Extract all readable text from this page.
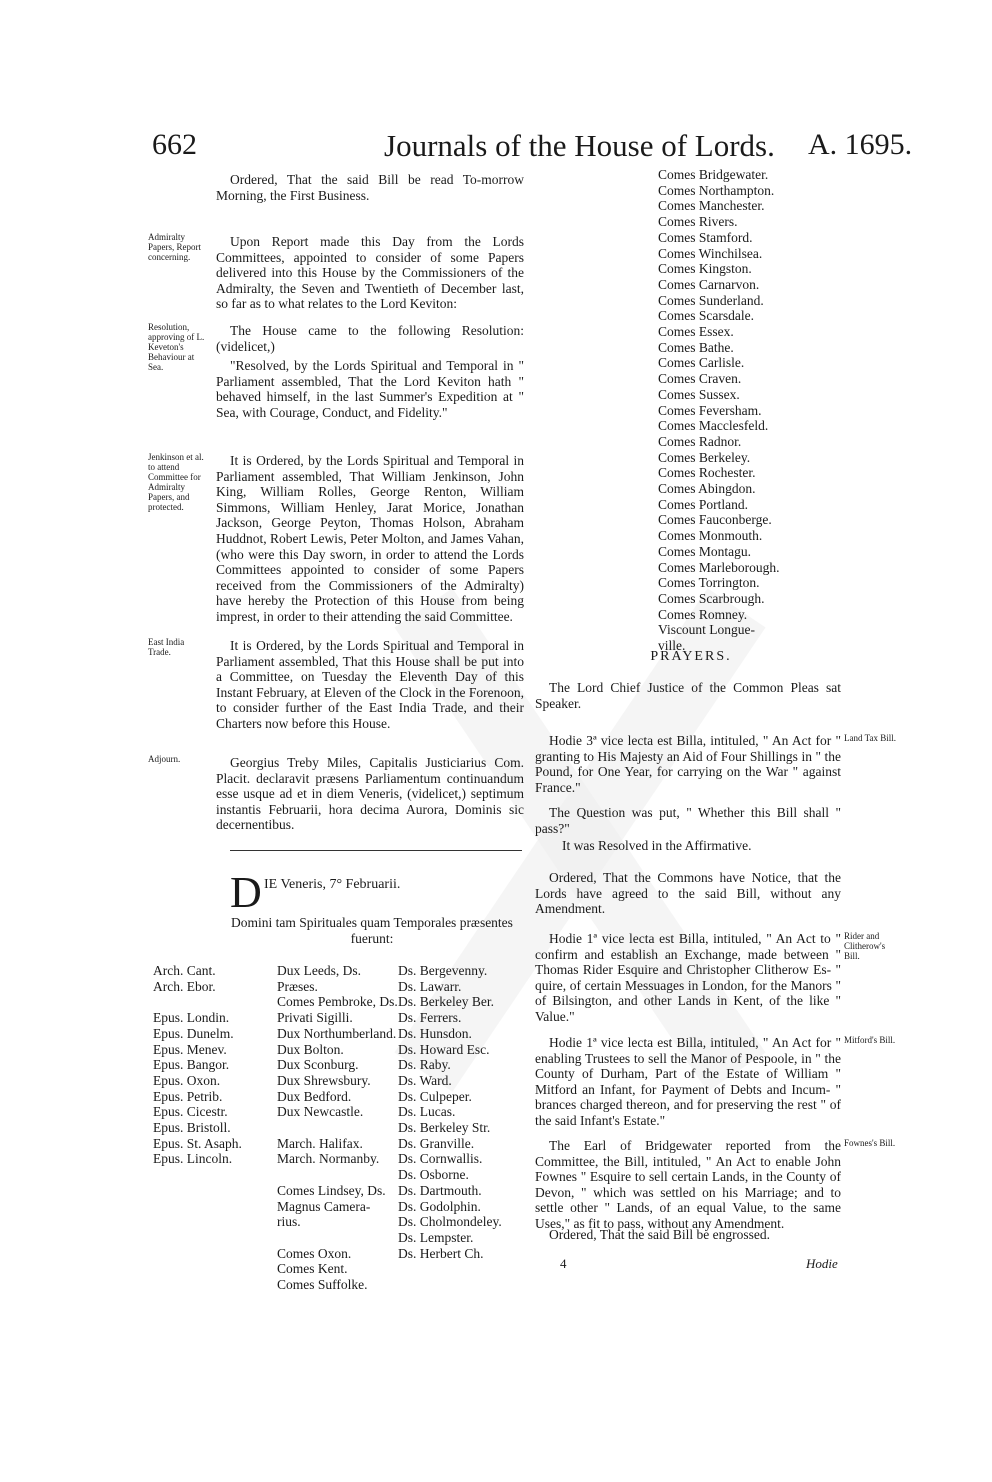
662	Journals of the House of Lords. A. 1695.
Admiralty Papers, Report concerning.
Resolution, approving of L. Keveton's Behaviour at Sea.
Jenkinson et al. to attend Committee for Admiralty Papers, and protected.
East India Trade.
Adjourn.
Ordered, That the said Bill be read To-morrow Morning, the First Business.
Upon Report made this Day from the Lords Committees, appointed to consider of some Papers delivered into this House by the Commissioners of the Admiralty, the Seven and Twentieth of December last, so far as to what relates to the Lord Keviton:
The House came to the following Resolution: (videlicet,)
"Resolved, by the Lords Spiritual and Temporal in " Parliament assembled, That the Lord Keviton hath " behaved himself, in the last Summer's Expedition at " Sea, with Courage, Conduct, and Fidelity."
It is Ordered, by the Lords Spiritual and Temporal in Parliament assembled, That William Jenkinson, John King, William Rolles, George Renton, William Simmons, William Henley, Jarat Morice, Jonathan Jackson, George Peyton, Thomas Holson, Abraham Huddnot, Robert Lewis, Peter Molton, and James Vahan, (who were this Day sworn, in order to attend the Lords Committees appointed to consider of some Papers received from the Commissioners of the Admiralty) have hereby the Protection of this House from being imprest, in order to their attending the said Committee.
It is Ordered, by the Lords Spiritual and Temporal in Parliament assembled, That this House shall be put into a Committee, on Tuesday the Eleventh Day of this Instant February, at Eleven of the Clock in the Forenoon, to consider further of the East India Trade, and their Charters now before this House.
Georgius Treby Miles, Capitalis Justiciarius Com. Placit. declaravit præsens Parliamentum continuandum esse usque ad et in diem Veneris, (videlicet,) septimum instantis Februarii, hora decima Aurora, Dominis sic decernentibus.
D IE Veneris, 7° Februarii.
Domini tam Spirituales quam Temporales præsentes fuerunt:
Arch. Cant.
Arch. Ebor.

Epus. Londin.
Epus. Dunelm.
Epus. Menev.
Epus. Bangor.
Epus. Oxon.
Epus. Petrib.
Epus. Cicestr.
Epus. Bristoll.
Epus. St. Asaph.
Epus. Lincoln.
Dux Leeds, Ds.
Præses.
Comes Pembroke, Ds.
Privati Sigilli.
Dux Northumberland.
Dux Bolton.
Dux Sconburg.
Dux Shrewsbury.
Dux Bedford.
Dux Newcastle.

March. Halifax.
March. Normanby.

Comes Lindsey, Ds.
Magnus Camera-
rius.

Comes Oxon.
Comes Kent.
Comes Suffolke.
Ds. Bergevenny.
Ds. Lawarr.
Ds. Berkeley Ber.
Ds. Ferrers.
Ds. Hunsdon.
Ds. Howard Esc.
Ds. Raby.
Ds. Ward.
Ds. Culpeper.
Ds. Lucas.
Ds. Berkeley Str.
Ds. Granville.
Ds. Cornwallis.
Ds. Osborne.
Ds. Dartmouth.
Ds. Godolphin.
Ds. Cholmondeley.
Ds. Lempster.
Ds. Herbert Ch.
Comes Bridgewater.
Comes Northampton.
Comes Manchester.
Comes Rivers.
Comes Stamford.
Comes Winchilsea.
Comes Kingston.
Comes Carnarvon.
Comes Sunderland.
Comes Scarsdale.
Comes Essex.
Comes Bathe.
Comes Carlisle.
Comes Craven.
Comes Sussex.
Comes Feversham.
Comes Macclesfeld.
Comes Radnor.
Comes Berkeley.
Comes Rochester.
Comes Abingdon.
Comes Portland.
Comes Fauconberge.
Comes Monmouth.
Comes Montagu.
Comes Marleborough.
Comes Torrington.
Comes Scarbrough.
Comes Romney.
Viscount Longue-
ville.
PRAYERS.
The Lord Chief Justice of the Common Pleas sat Speaker.
Hodie 3ª vice lecta est Billa, intituled, " An Act for " granting to His Majesty an Aid of Four Shillings in " the Pound, for One Year, for carrying on the War " against France."
The Question was put, " Whether this Bill shall " pass?"
It was Resolved in the Affirmative.
Ordered, That the Commons have Notice, that the Lords have agreed to the said Bill, without any Amendment.
Hodie 1ª vice lecta est Billa, intituled, " An Act to " confirm and establish an Exchange, made between " Thomas Rider Esquire and Christopher Clitherow Es- " quire, of certain Messuages in London, for the Manors " of Bilsington, and other Lands in Kent, of the like " Value."
Hodie 1ª vice lecta est Billa, intituled, " An Act for " enabling Trustees to sell the Manor of Pespoole, in " the County of Durham, Part of the Estate of William " Mitford an Infant, for Payment of Debts and Incum- " brances charged thereon, and for preserving the rest " of the said Infant's Estate."
The Earl of Bridgewater reported from the Committee, the Bill, intituled, " An Act to enable John Fownes " Esquire to sell certain Lands, in the County of Devon, " which was settled on his Marriage; and to settle other " Lands, of an equal Value, to the same Uses," as fit to pass, without any Amendment.
Ordered, That the said Bill be engrossed.
Land Tax Bill.
Rider and Clitherow's Bill.
Mitford's Bill.
Fownes's Bill.
4	Hodie
